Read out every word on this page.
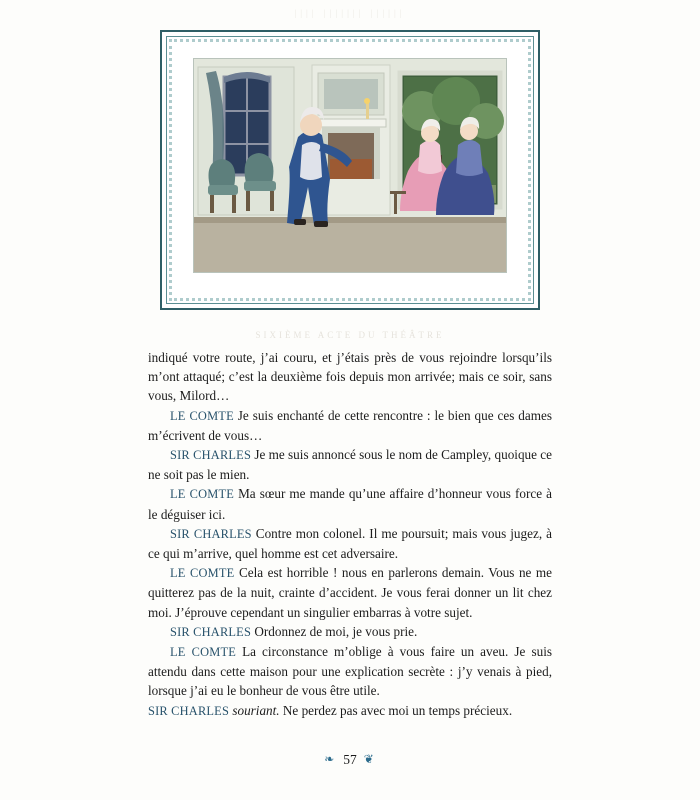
|||| ||||||| ||||||
SIXIÈME ACTE DU THÉÂTRE

indiqué votre route, j’ai couru, et j’étais près de vous rejoindre lorsqu’ils m’ont attaqué; c’est la deuxième fois depuis mon arrivée; mais ce soir, sans vous, Milord…

LE COMTE Je suis enchanté de cette rencontre : le bien que ces dames m’écrivent de vous…

SIR CHARLES Je me suis annoncé sous le nom de Campley, quoique ce ne soit pas le mien.

LE COMTE Ma sœur me mande qu’une affaire d’honneur vous force à le déguiser ici.

SIR CHARLES Contre mon colonel. Il me poursuit; mais vous jugez, à ce qui m’arrive, quel homme est cet adversaire.

LE COMTE Cela est horrible ! nous en parlerons demain. Vous ne me quitterez pas de la nuit, crainte d’accident. Je vous ferai donner un lit chez moi. J’éprouve cependant un singulier embarras à votre sujet.

SIR CHARLES Ordonnez de moi, je vous prie.

LE COMTE La circonstance m’oblige à vous faire un aveu. Je suis attendu dans cette maison pour une explication secrète : j’y venais à pied, lorsque j’ai eu le bonheur de vous être utile.

SIR CHARLES souriant. Ne perdez pas avec moi un temps précieux.

❧ 57 ❦
